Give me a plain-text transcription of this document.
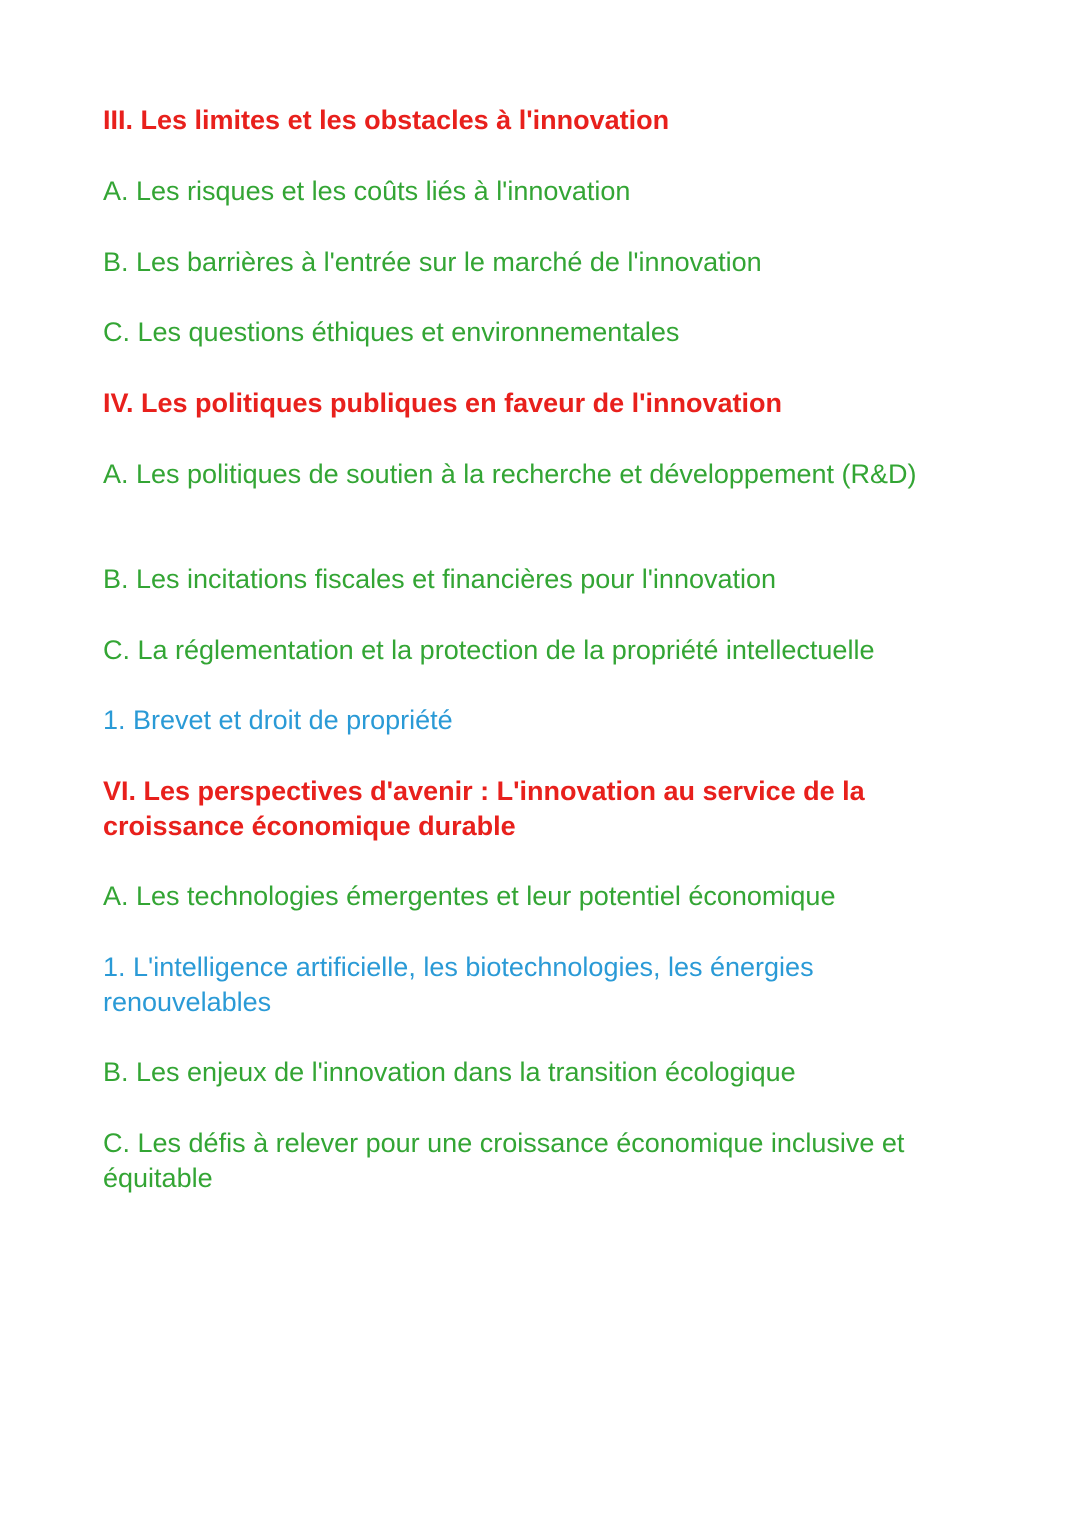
III. Les limites et les obstacles à l'innovation

A. Les risques et les coûts liés à l'innovation

B. Les barrières à l'entrée sur le marché de l'innovation

C. Les questions éthiques et environnementales

IV. Les politiques publiques en faveur de l'innovation

A. Les politiques de soutien à la recherche et développement (R&D)

B. Les incitations fiscales et financières pour l'innovation

C. La réglementation et la protection de la propriété intellectuelle

1. Brevet et droit de propriété

VI. Les perspectives d'avenir : L'innovation au service de la croissance économique durable

A. Les technologies émergentes et leur potentiel économique

1. L'intelligence artificielle, les biotechnologies, les énergies renouvelables

B. Les enjeux de l'innovation dans la transition écologique

C. Les défis à relever pour une croissance économique inclusive et équitable
